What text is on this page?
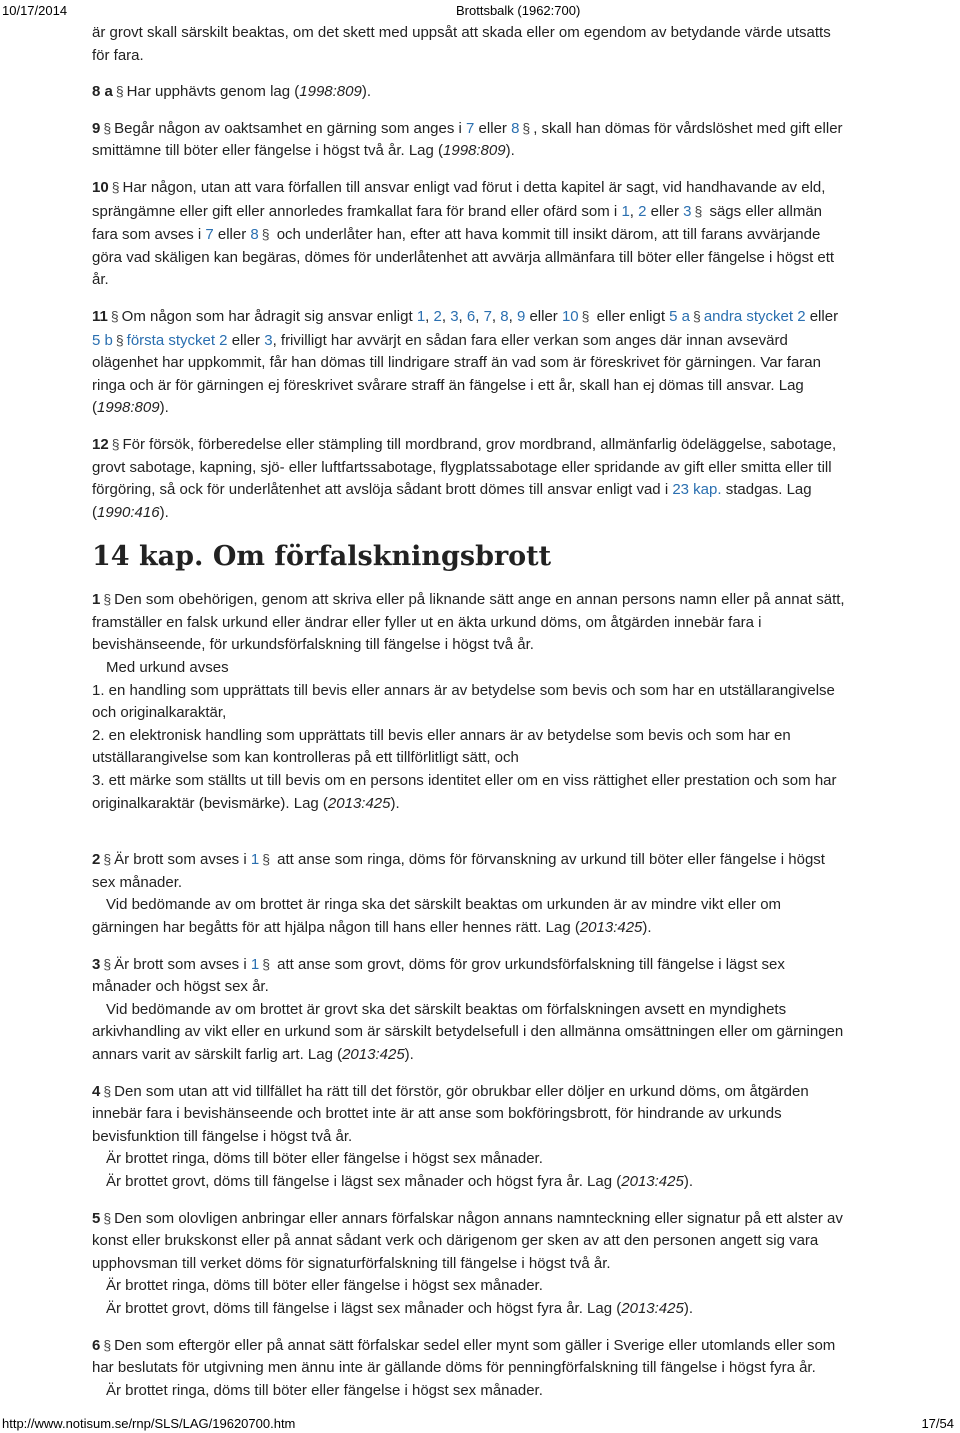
10/17/2014	Brottsbalk (1962:700)

är grovt skall särskilt beaktas, om det skett med uppsåt att skada eller om egendom av betydande värde utsatts
för fara.

8 a § Har upphävts genom lag (1998:809).

9 § Begår någon av oaktsamhet en gärning som anges i 7 eller 8 § , skall han dömas för vårdslöshet med gift eller
smittämne till böter eller fängelse i högst två år. Lag (1998:809).

10 § Har någon, utan att vara förfallen till ansvar enligt vad förut i detta kapitel är sagt, vid handhavande av eld,
sprängämne eller gift eller annorledes framkallat fara för brand eller ofärd som i 1, 2 eller 3 § sägs eller allmän
fara som avses i 7 eller 8 § och underlåter han, efter att hava kommit till insikt därom, att till farans avvärjande
göra vad skäligen kan begäras, dömes för underlåtenhet att avvärja allmänfara till böter eller fängelse i högst ett
år.

11 § Om någon som har ådragit sig ansvar enligt 1, 2, 3, 6, 7, 8, 9 eller 10 § eller enligt 5 a § andra stycket 2 eller
5 b § första stycket 2 eller 3, frivilligt har avvärjt en sådan fara eller verkan som anges där innan avsevärd
olägenhet har uppkommit, får han dömas till lindrigare straff än vad som är föreskrivet för gärningen. Var faran
ringa och är för gärningen ej föreskrivet svårare straff än fängelse i ett år, skall han ej dömas till ansvar. Lag
(1998:809).

12 § För försök, förberedelse eller stämpling till mordbrand, grov mordbrand, allmänfarlig ödeläggelse, sabotage,
grovt sabotage, kapning, sjö- eller luftfartssabotage, flygplatssabotage eller spridande av gift eller smitta eller till
förgöring, så ock för underlåtenhet att avslöja sådant brott dömes till ansvar enligt vad i 23 kap. stadgas. Lag
(1990:416).

14 kap. Om förfalskningsbrott

1 § Den som obehörigen, genom att skriva eller på liknande sätt ange en annan persons namn eller på annat sätt,
framställer en falsk urkund eller ändrar eller fyller ut en äkta urkund döms, om åtgärden innebär fara i
bevishänseende, för urkundsförfalskning till fängelse i högst två år.
Med urkund avses
1. en handling som upprättats till bevis eller annars är av betydelse som bevis och som har en utställarangivelse
och originalkaraktär,
2. en elektronisk handling som upprättats till bevis eller annars är av betydelse som bevis och som har en
utställarangivelse som kan kontrolleras på ett tillförlitligt sätt, och
3. ett märke som ställts ut till bevis om en persons identitet eller om en viss rättighet eller prestation och som har
originalkaraktär (bevismärke). Lag (2013:425).

2 § Är brott som avses i 1 § att anse som ringa, döms för förvanskning av urkund till böter eller fängelse i högst
sex månader.
Vid bedömande av om brottet är ringa ska det särskilt beaktas om urkunden är av mindre vikt eller om
gärningen har begåtts för att hjälpa någon till hans eller hennes rätt. Lag (2013:425).

3 § Är brott som avses i 1 § att anse som grovt, döms för grov urkundsförfalskning till fängelse i lägst sex
månader och högst sex år.
Vid bedömande av om brottet är grovt ska det särskilt beaktas om förfalskningen avsett en myndighets
arkivhandling av vikt eller en urkund som är särskilt betydelsefull i den allmänna omsättningen eller om gärningen
annars varit av särskilt farlig art. Lag (2013:425).

4 § Den som utan att vid tillfället ha rätt till det förstör, gör obrukbar eller döljer en urkund döms, om åtgärden
innebär fara i bevishänseende och brottet inte är att anse som bokföringsbrott, för hindrande av urkunds
bevisfunktion till fängelse i högst två år.
Är brottet ringa, döms till böter eller fängelse i högst sex månader.
Är brottet grovt, döms till fängelse i lägst sex månader och högst fyra år. Lag (2013:425).

5 § Den som olovligen anbringar eller annars förfalskar någon annans namnteckning eller signatur på ett alster av
konst eller brukskonst eller på annat sådant verk och därigenom ger sken av att den personen angett sig vara
upphovsman till verket döms för signaturförfalskning till fängelse i högst två år.
Är brottet ringa, döms till böter eller fängelse i högst sex månader.
Är brottet grovt, döms till fängelse i lägst sex månader och högst fyra år. Lag (2013:425).

6 § Den som eftergör eller på annat sätt förfalskar sedel eller mynt som gäller i Sverige eller utomlands eller som
har beslutats för utgivning men ännu inte är gällande döms för penningförfalskning till fängelse i högst fyra år.
Är brottet ringa, döms till böter eller fängelse i högst sex månader.

http://www.notisum.se/rnp/SLS/LAG/19620700.htm	17/54
